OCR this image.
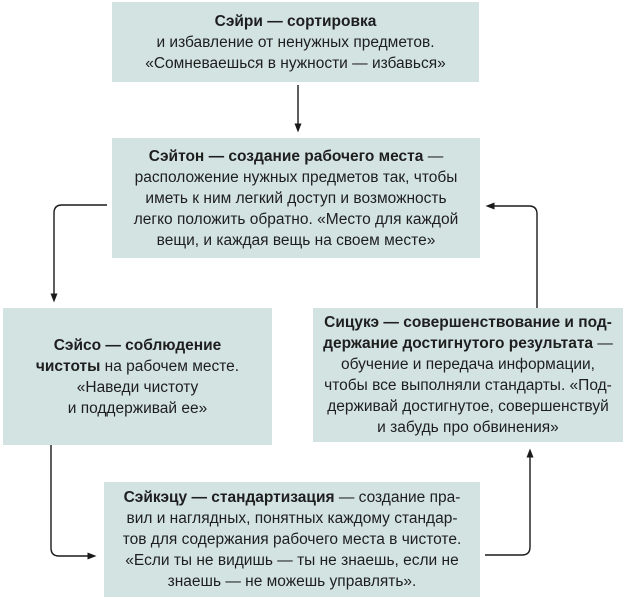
Сэйри — сортировка
и избавление от ненужных предметов.
«Сомневаешься в нужности — избавься»
Сэйтон — создание рабочего места —
расположение нужных предметов так, чтобы
иметь к ним легкий доступ и возможность
легко положить обратно. «Место для каждой
вещи, и каждая вещь на своем месте»
Сэйсо — соблюдение
чистоты на рабочем месте.
«Наведи чистоту
и поддерживай ее»
Сицукэ — совершенствование и под-
держание достигнутого результата —
обучение и передача информации,
чтобы все выполняли стандарты. «Под-
держивай достигнутое, совершенствуй
и забудь про обвинения»
Сэйкэцу — стандартизация — создание пра-
вил и наглядных, понятных каждому стандар-
тов для содержания рабочего места в чистоте.
«Если ты не видишь — ты не знаешь, если не
знаешь — не можешь управлять».
